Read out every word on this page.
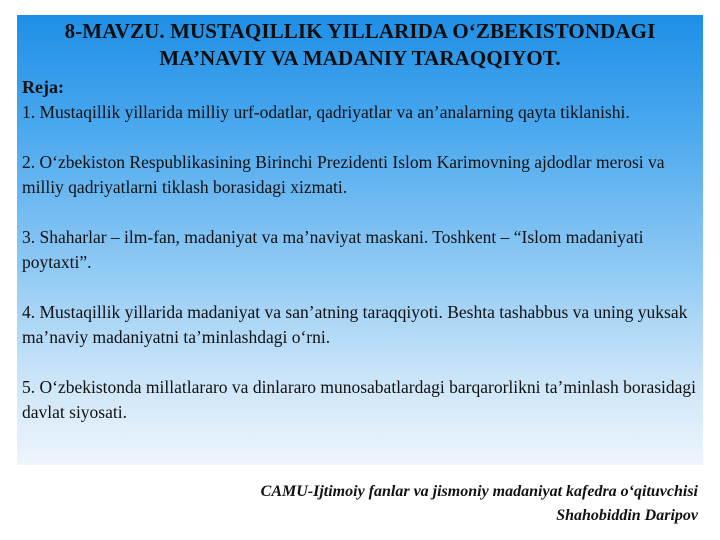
8-MAVZU. MUSTAQILLIK YILLARIDA O‘ZBEKISTONDAGI
MA’NAVIY VA MADANIY TARAQQIYOT.
Reja:
1. Mustaqillik yillarida milliy urf-odatlar, qadriyatlar va an’analarning qayta tiklanishi.
2. O‘zbekiston Respublikasining Birinchi Prezidenti Islom Karimovning ajdodlar merosi va milliy qadriyatlarni tiklash borasidagi xizmati.
3. Shaharlar – ilm-fan, madaniyat va ma’naviyat maskani. Toshkent – “Islom madaniyati poytaxti”.
4. Mustaqillik yillarida madaniyat va san’atning taraqqiyoti. Beshta tashabbus va uning yuksak ma’naviy madaniyatni ta’minlashdagi o‘rni.
5. O‘zbekistonda millatlararo va dinlararo munosabatlardagi barqarorlikni ta’minlash borasidagi davlat siyosati.
CAMU-Ijtimoiy fanlar va jismoniy madaniyat kafedra o‘qituvchisi
Shahobiddin Daripov
